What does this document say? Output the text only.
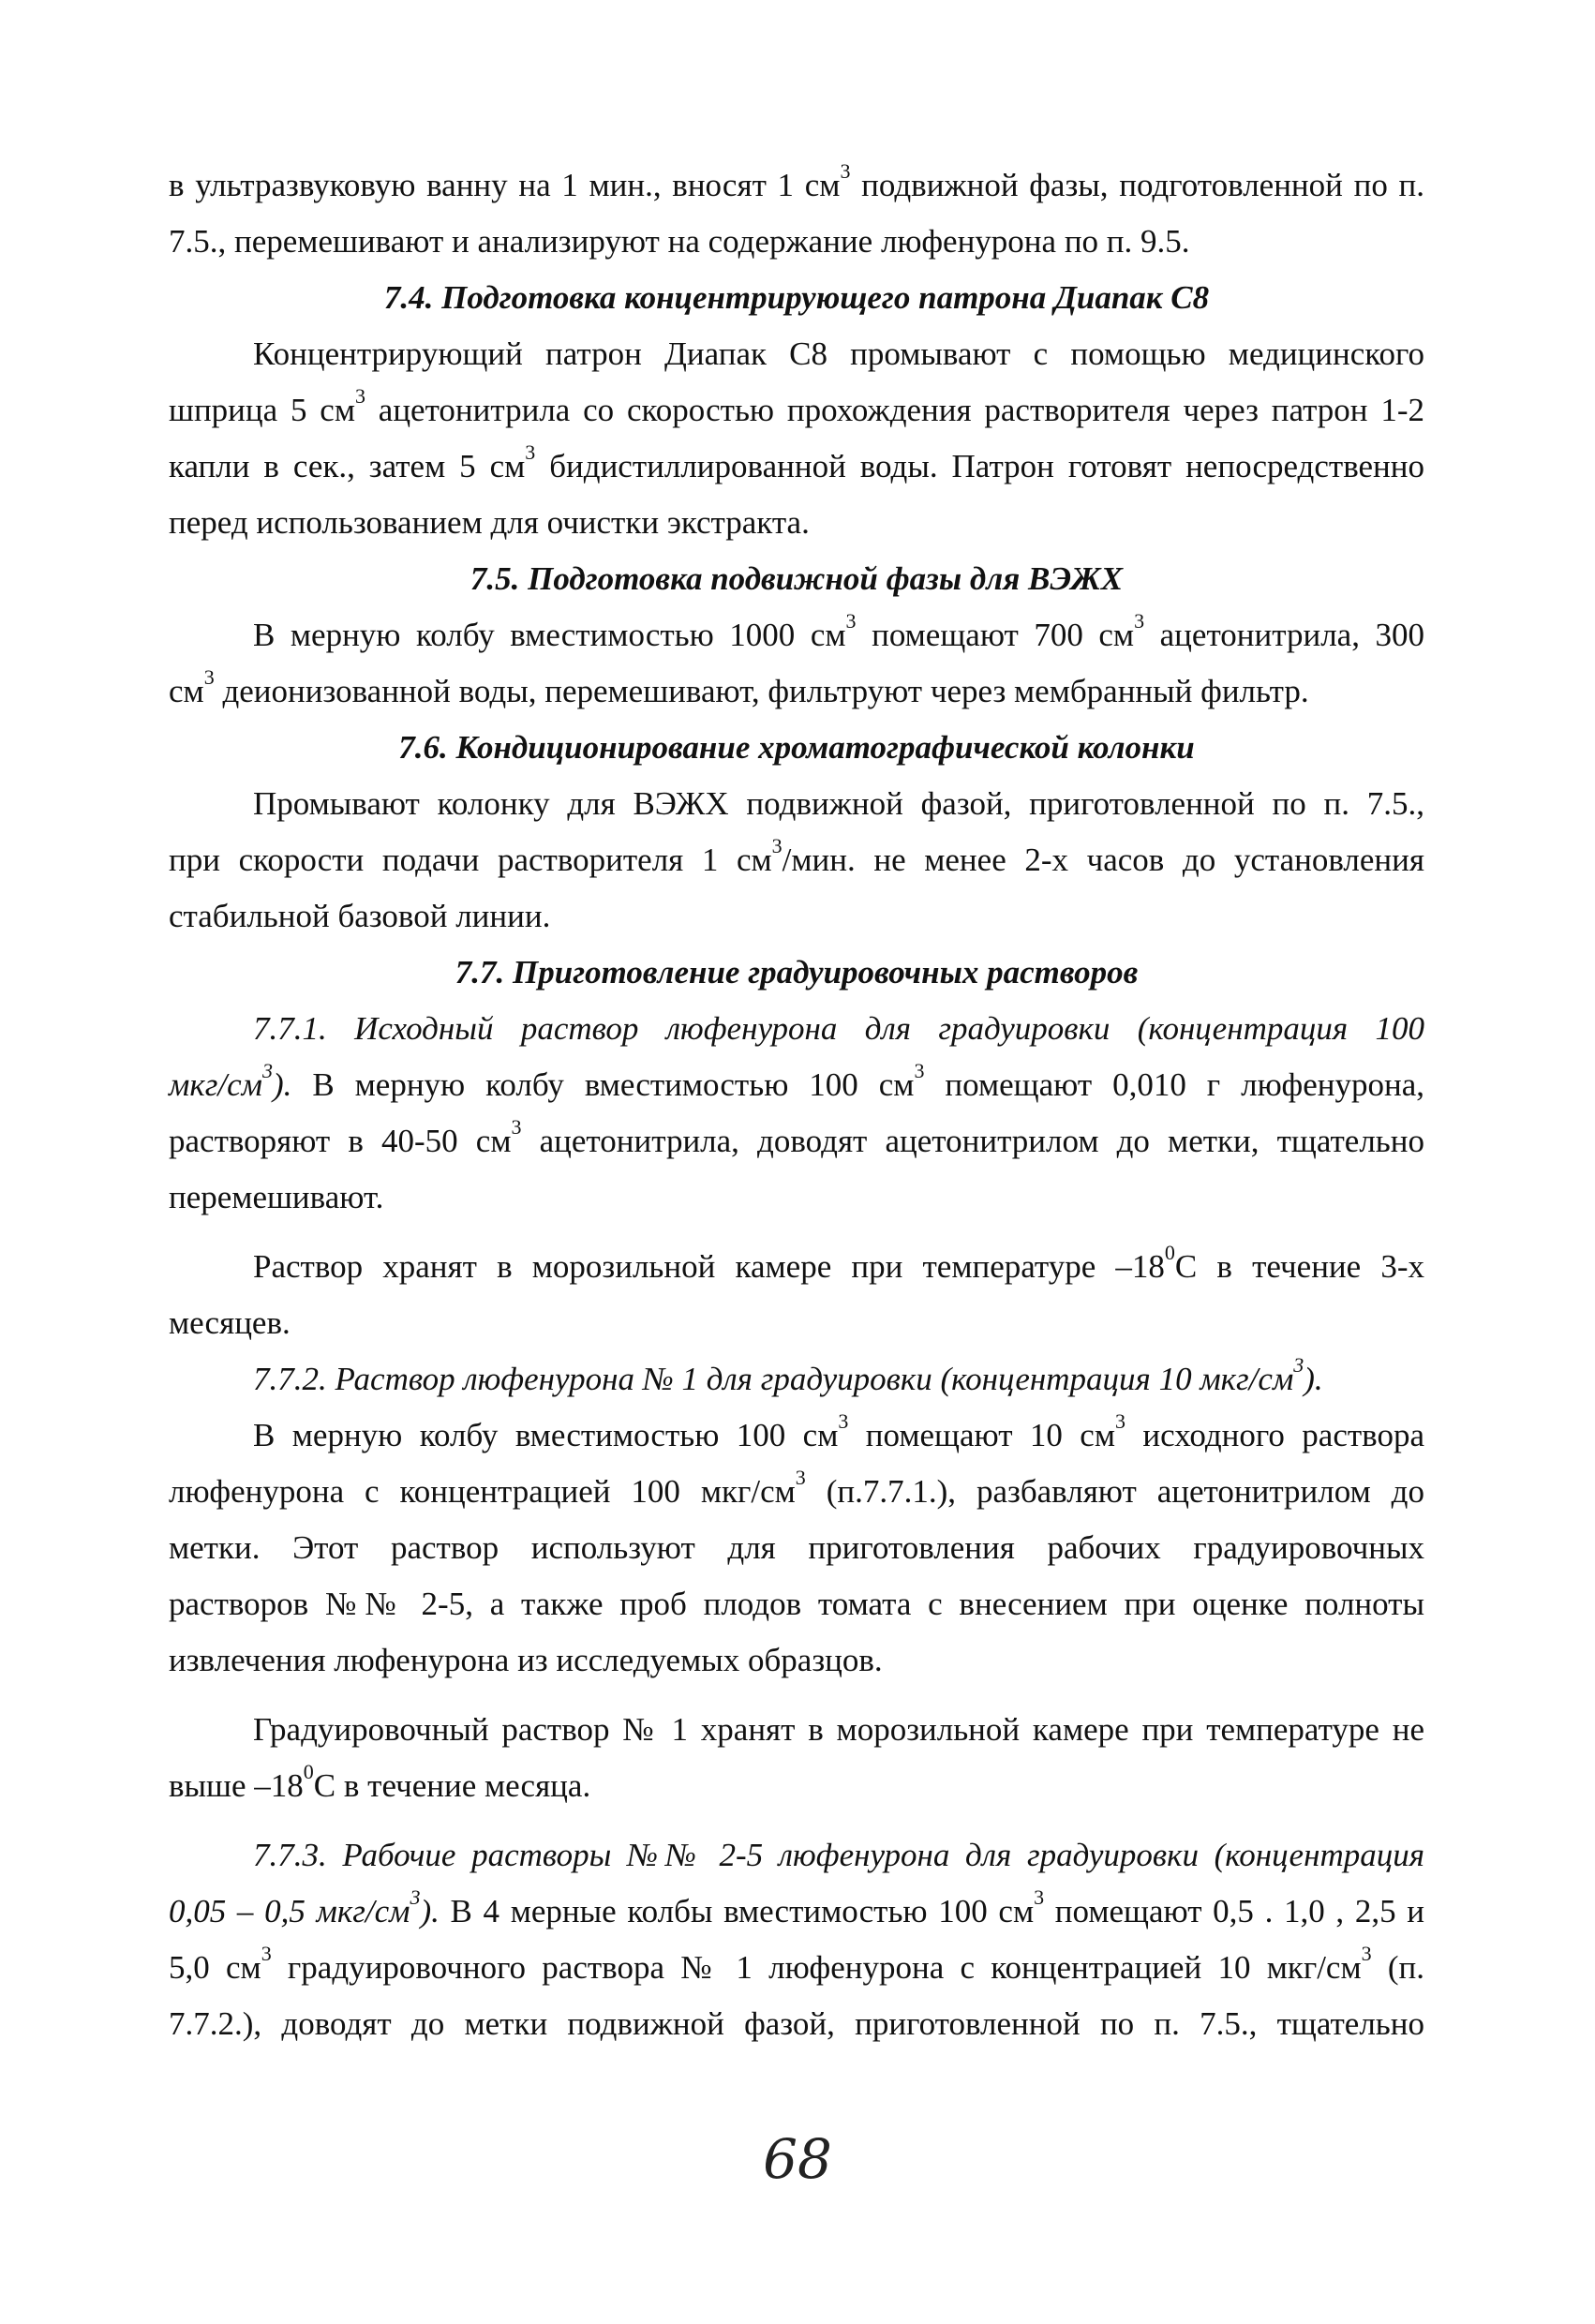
в ультразвуковую ванну на 1 мин., вносят 1 $см^3$ подвижной фазы, подготовленной по п.

7.5., перемешивают и анализируют на содержание люфенурона по п. 9.5.

7.4. Подготовка концентрирующего патрона Диапак С8

Концентрирующий патрон Диапак С8 промывают с помощью медицинского

шприца 5 $см^3$ ацетонитрила со скоростью прохождения растворителя через патрон 1-2

капли в сек., затем 5 $см^3$ бидистиллированной воды. Патрон готовят непосредственно

перед использованием для очистки экстракта.

7.5. Подготовка подвижной фазы для ВЭЖХ

В мерную колбу вместимостью 1000 $см^3$ помещают 700 $см^3$ ацетонитрила, 300

$см^3$ деионизованной воды, перемешивают, фильтруют через мембранный фильтр.

7.6. Кондиционирование хроматографической колонки

Промывают колонку для ВЭЖХ подвижной фазой, приготовленной по п. 7.5.,

при скорости подачи растворителя 1 $см^3$/мин. не менее 2-х часов до установления

стабильной базовой линии.

7.7. Приготовление градуировочных растворов

7.7.1. Исходный раствор люфенурона для градуировки (концентрация 100

мкг/$см^3$). В мерную колбу вместимостью 100 $см^3$ помещают 0,010 г люфенурона,

растворяют в 40-50 $см^3$ ацетонитрила, доводят ацетонитрилом до метки, тщательно

перемешивают.

Раствор хранят в морозильной камере при температуре $-18^0С$ в течение 3-х

месяцев.

7.7.2. Раствор люфенурона № 1 для градуировки (концентрация 10 мкг/$см^3$).

В мерную колбу вместимостью 100 $см^3$ помещают 10 $см^3$ исходного раствора

люфенурона с концентрацией 100 мкг/$см^3$ (п.7.7.1.), разбавляют ацетонитрилом до

метки. Этот раствор используют для приготовления рабочих градуировочных

растворов №№ 2-5, а также проб плодов томата с внесением при оценке полноты

извлечения люфенурона из исследуемых образцов.

Градуировочный раствор № 1 хранят в морозильной камере при температуре не

выше $-18^0С$ в течение месяца.

7.7.3. Рабочие растворы №№ 2-5 люфенурона для градуировки (концентрация

0,05 – 0,5 мкг/$см^3$). В 4 мерные колбы вместимостью 100 $см^3$ помещают 0,5 . 1,0 , 2,5 и

5,0 $см^3$ градуировочного раствора № 1 люфенурона с концентрацией 10 мкг/$см^3$ (п.

7.7.2.), доводят до метки подвижной фазой, приготовленной по п. 7.5., тщательно

68
